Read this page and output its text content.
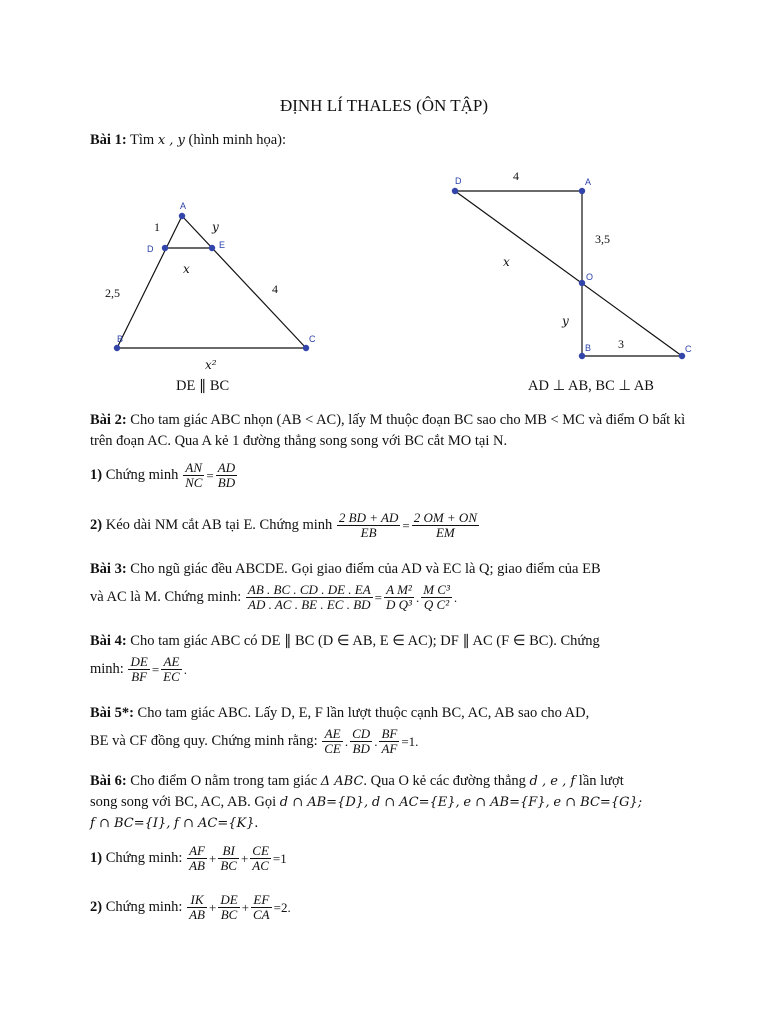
ĐỊNH LÍ THALES (ÔN TẬP)
Bài 1: Tìm x , y (hình minh họa):
A
D	E
B	C
1	y
x
2,5	4
x²
DE ∥ BC
D	A
O
B	C
4
3,5
x
y
3
AD ⊥ AB, BC ⊥ AB
Bài 2: Cho tam giác ABC nhọn (AB < AC), lấy M thuộc đoạn BC sao cho MB < MC và điểm O bất kì trên đoạn AC. Qua A kẻ 1 đường thẳng song song với BC cắt MO tại N.
1) Chứng minh $\frac{AN}{NC} = \frac{AD}{BD}$
2) Kéo dài NM cắt AB tại E. Chứng minh $\frac{2 BD + AD}{EB} = \frac{2 OM + ON}{EM}$
Bài 3: Cho ngũ giác đều ABCDE. Gọi giao điểm của AD và EC là Q; giao điểm của EB
và AC là M. Chứng minh: $\frac{AB . BC . CD . DE . EA}{AD . AC . BE . EC . BD} = \frac{\text{A M²}}{\text{D Q³}}$ . $\frac{\text{M C³}}{\text{Q C²}}$ .
Bài 4: Cho tam giác ABC có DE ∥ BC (D ∈ AB, E ∈ AC); DF ∥ AC (F ∈ BC). Chứng
minh: $\frac{DE}{BF} = \frac{AE}{EC}$ .
Bài 5*: Cho tam giác ABC. Lấy D, E, F lần lượt thuộc cạnh BC, AC, AB sao cho AD,
BE và CF đồng quy. Chứng minh rằng: $\frac{AE}{CE}$ . $\frac{CD}{BD}$ . $\frac{BF}{AF} =1$.
Bài 6: Cho điểm O nằm trong tam giác Δ ABC. Qua O kẻ các đường thẳng d , e , f lần lượt
song song với BC, AC, AB. Gọi d ∩ AB={D}, d ∩ AC={E}, e ∩ AB={F}, e ∩ BC={G};
f ∩ BC={I}, f ∩ AC={K}.
1) Chứng minh: $\frac{AF}{AB} + \frac{BI}{BC} + \frac{CE}{AC} =1$
2) Chứng minh: $\frac{IK}{AB} + \frac{DE}{BC} + \frac{EF}{CA} =2$.
